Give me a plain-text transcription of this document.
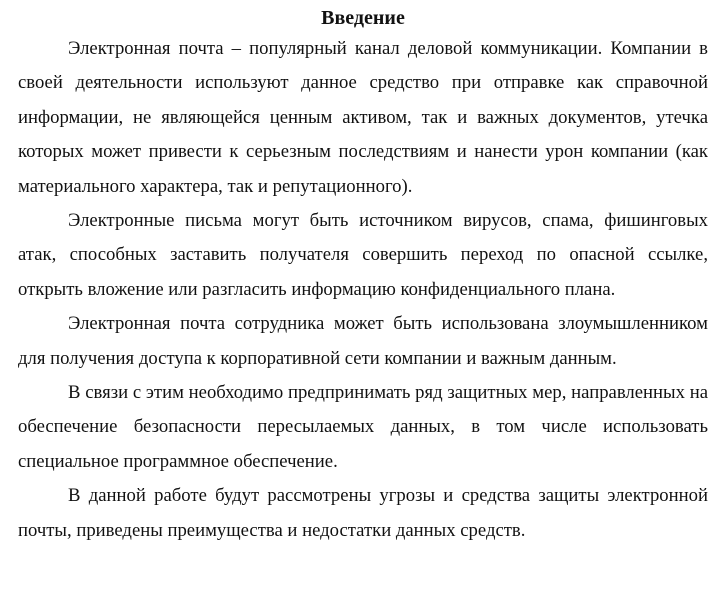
Введение

Электронная почта – популярный канал деловой коммуникации. Компании в своей деятельности используют данное средство при отправке как справочной информации, не являющейся ценным активом, так и важных документов, утечка которых может привести к серьезным последствиям и нанести урон компании (как материального характера, так и репутационного).

Электронные письма могут быть источником вирусов, спама, фишинговых атак, способных заставить получателя совершить переход по опасной ссылке, открыть вложение или разгласить информацию конфиденциального плана.

Электронная почта сотрудника может быть использована злоумышленником для получения доступа к корпоративной сети компании и важным данным.

В связи с этим необходимо предпринимать ряд защитных мер, направленных на обеспечение безопасности пересылаемых данных, в том числе использовать специальное программное обеспечение.

В данной работе будут рассмотрены угрозы и средства защиты электронной почты, приведены преимущества и недостатки данных средств.
